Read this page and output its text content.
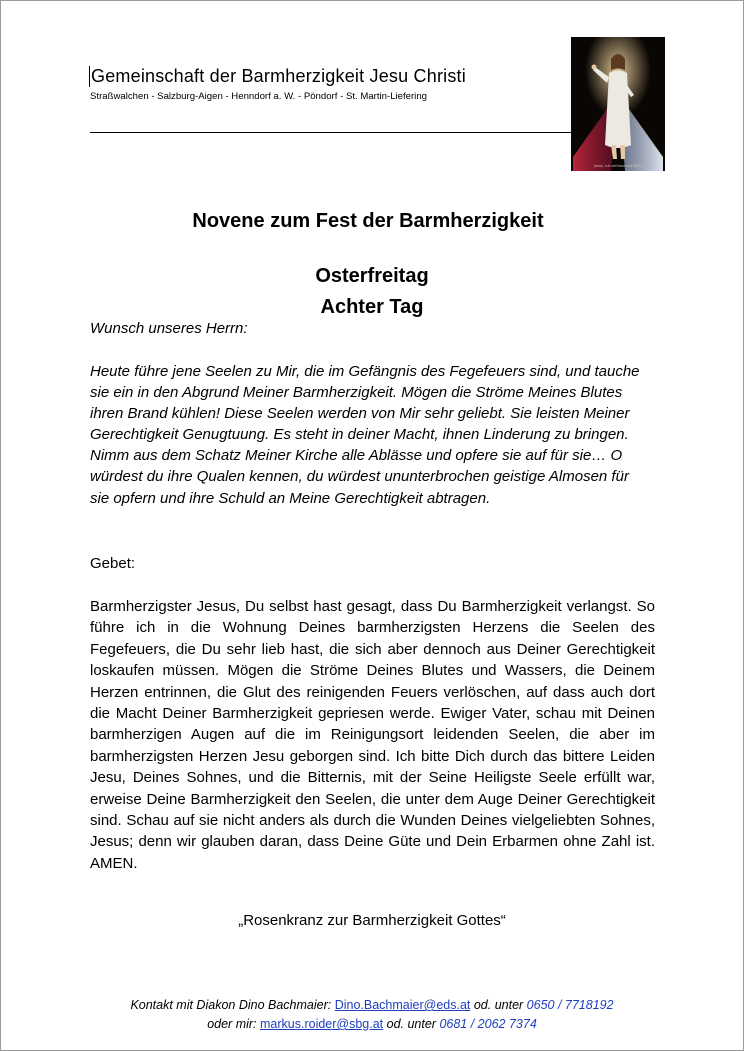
Gemeinschaft der Barmherzigkeit Jesu Christi
Straßwalchen - Salzburg-Aigen - Henndorf a. W. - Pöndorf - St. Martin-Liefering
Jesus, ich vertraue auf Dich!
Novene zum Fest der Barmherzigkeit
Osterfreitag
Achter Tag
Wunsch unseres Herrn:
Heute führe jene Seelen zu Mir, die im Gefängnis des Fegefeuers sind, und tauche sie ein in den Abgrund Meiner Barmherzigkeit. Mögen die Ströme Meines Blutes ihren Brand kühlen! Diese Seelen werden von Mir sehr geliebt. Sie leisten Meiner Gerechtigkeit Genugtuung. Es steht in deiner Macht, ihnen Linderung zu bringen. Nimm aus dem Schatz Meiner Kirche alle Ablässe und opfere sie auf für sie… O würdest du ihre Qualen kennen, du würdest ununterbrochen geistige Almosen für sie opfern und ihre Schuld an Meine Gerechtigkeit abtragen.
Gebet:
Barmherzigster Jesus, Du selbst hast gesagt, dass Du Barmherzigkeit verlangst. So führe ich in die Wohnung Deines barmherzigsten Herzens die Seelen des Fegefeuers, die Du sehr lieb hast, die sich aber dennoch aus Deiner Gerechtigkeit loskaufen müssen. Mögen die Ströme Deines Blutes und Wassers, die Deinem Herzen entrinnen, die Glut des reinigenden Feuers verlöschen, auf dass auch dort die Macht Deiner Barmherzigkeit gepriesen werde. Ewiger Vater, schau mit Deinen barmherzigen Augen auf die im Reinigungsort leidenden Seelen, die aber im barmherzigsten Herzen Jesu geborgen sind. Ich bitte Dich durch das bittere Leiden Jesu, Deines Sohnes, und die Bitternis, mit der Seine Heiligste Seele erfüllt war, erweise Deine Barmherzigkeit den Seelen, die unter dem Auge Deiner Gerechtigkeit sind. Schau auf sie nicht anders als durch die Wunden Deines vielgeliebten Sohnes, Jesus; denn wir glauben daran, dass Deine Güte und Dein Erbarmen ohne Zahl ist. AMEN.
„Rosenkranz zur Barmherzigkeit Gottes“
Kontakt mit Diakon Dino Bachmaier: Dino.Bachmaier@eds.at od. unter 0650 / 7718192
oder mir: markus.roider@sbg.at od. unter 0681 / 2062 7374
